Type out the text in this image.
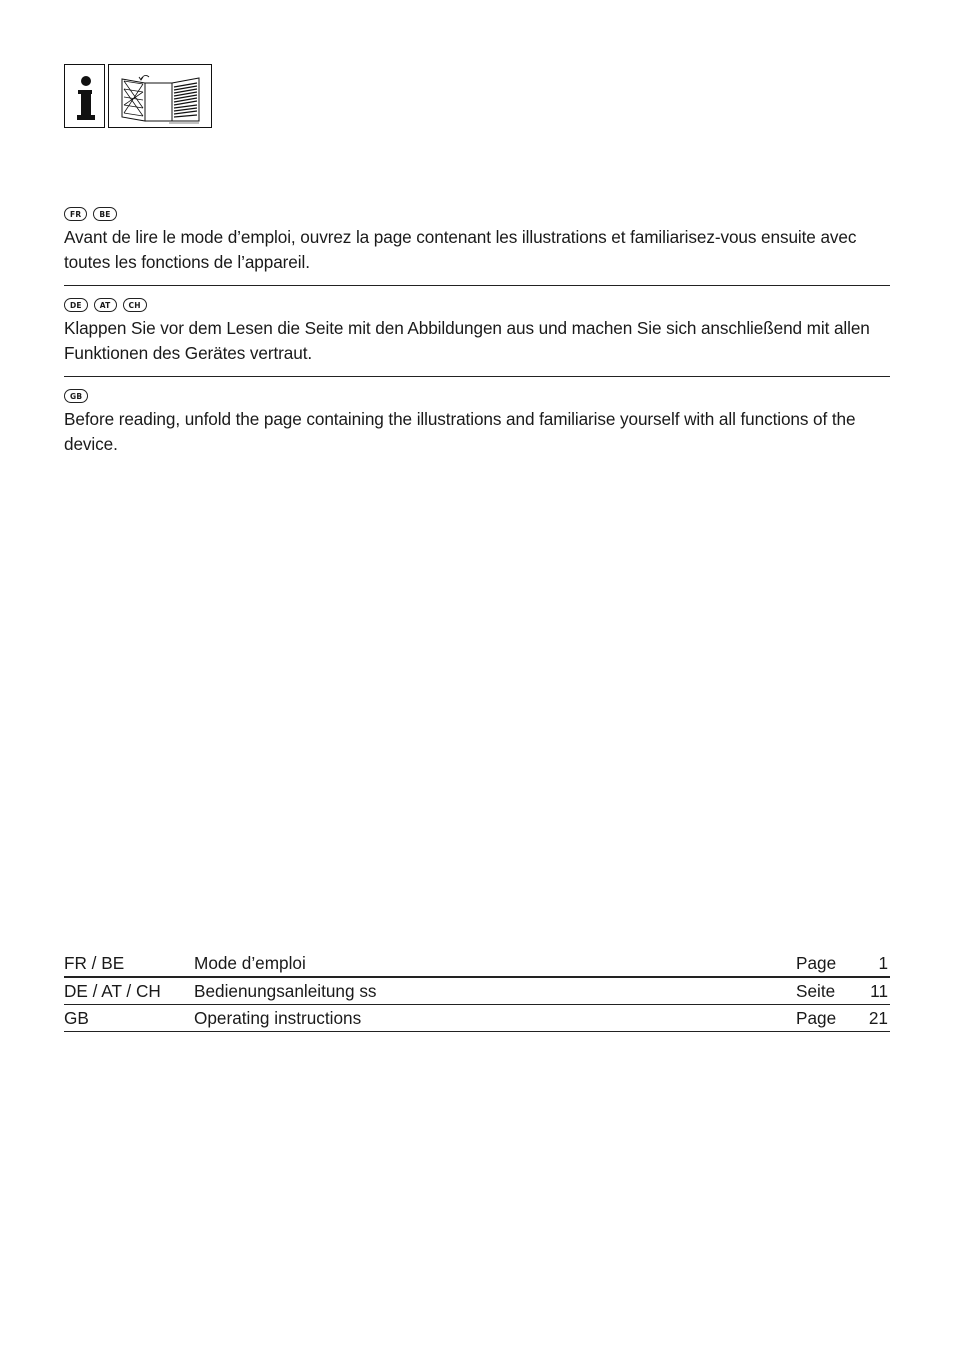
FR	BE
Avant de lire le mode d’emploi, ouvrez la page contenant les illustrations et familiarisez-vous ensuite avec toutes les fonctions de l’appareil.
DE	AT	CH
Klappen Sie vor dem Lesen die Seite mit den Abbildungen aus und machen Sie sich anschließend mit allen Funktionen des Gerätes vertraut.
GB
Before reading, unfold the page containing the illustrations and familiarise yourself with all functions of the device.
FR / BE	Mode d’emploi	Page 1
DE / AT / CH Bedienungsanleitung ss	Seite 11
GB	Operating instructions	Page 21
